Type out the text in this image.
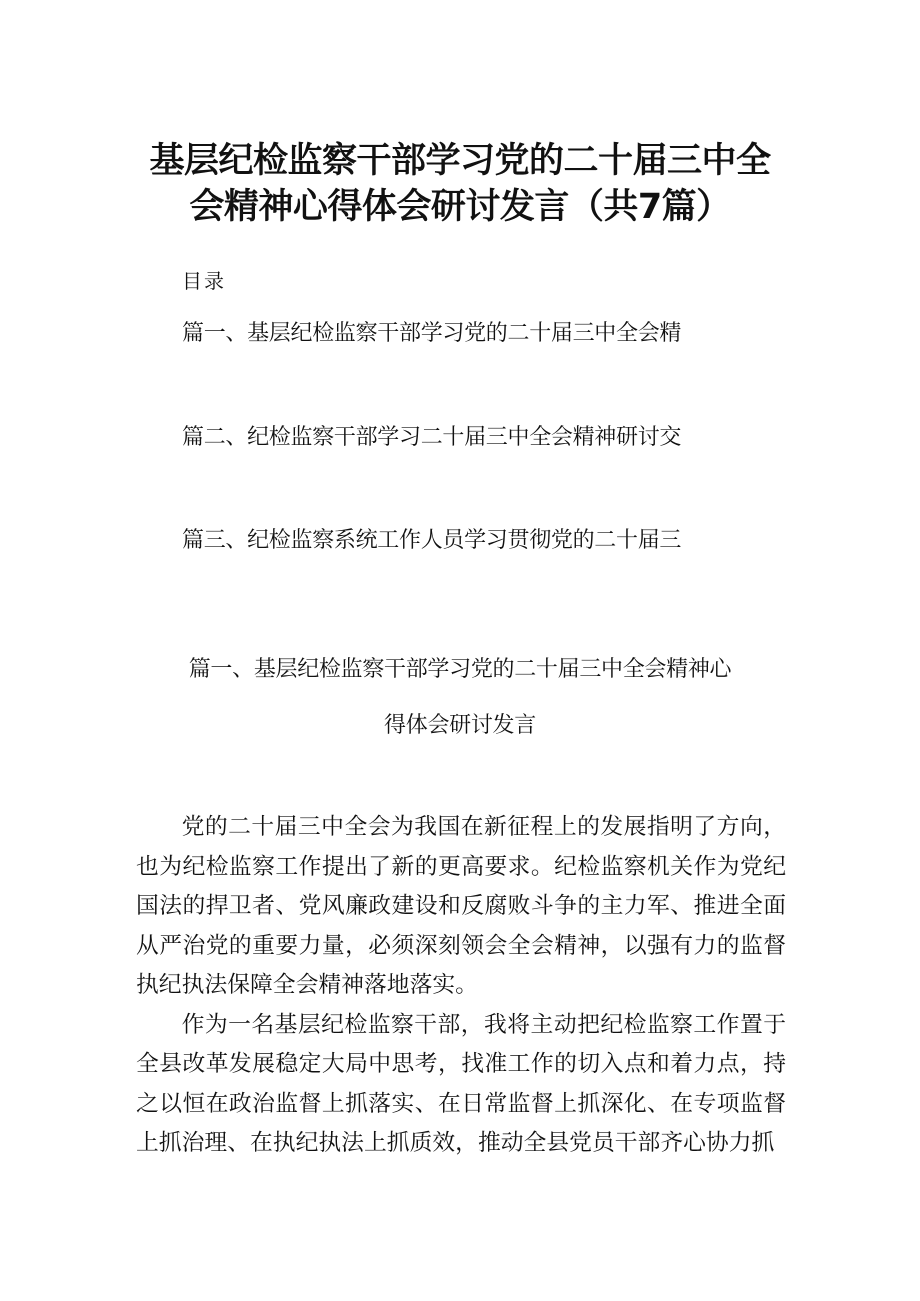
基层纪检监察干部学习党的二十届三中全
会精神心得体会研讨发言（共7篇）
目录
篇一、基层纪检监察干部学习党的二十届三中全会精
篇二、纪检监察干部学习二十届三中全会精神研讨交
篇三、纪检监察系统工作人员学习贯彻党的二十届三
篇一、基层纪检监察干部学习党的二十届三中全会精神心
得体会研讨发言

党的二十届三中全会为我国在新征程上的发展指明了方向，也为纪检监察工作提出了新的更高要求。纪检监察机关作为党纪国法的捍卫者、党风廉政建设和反腐败斗争的主力军、推进全面从严治党的重要力量，必须深刻领会全会精神，以强有力的监督执纪执法保障全会精神落地落实。

作为一名基层纪检监察干部，我将主动把纪检监察工作置于全县改革发展稳定大局中思考，找准工作的切入点和着力点，持之以恒在政治监督上抓落实、在日常监督上抓深化、在专项监督上抓治理、在执纪执法上抓质效，推动全县党员干部齐心协力抓
